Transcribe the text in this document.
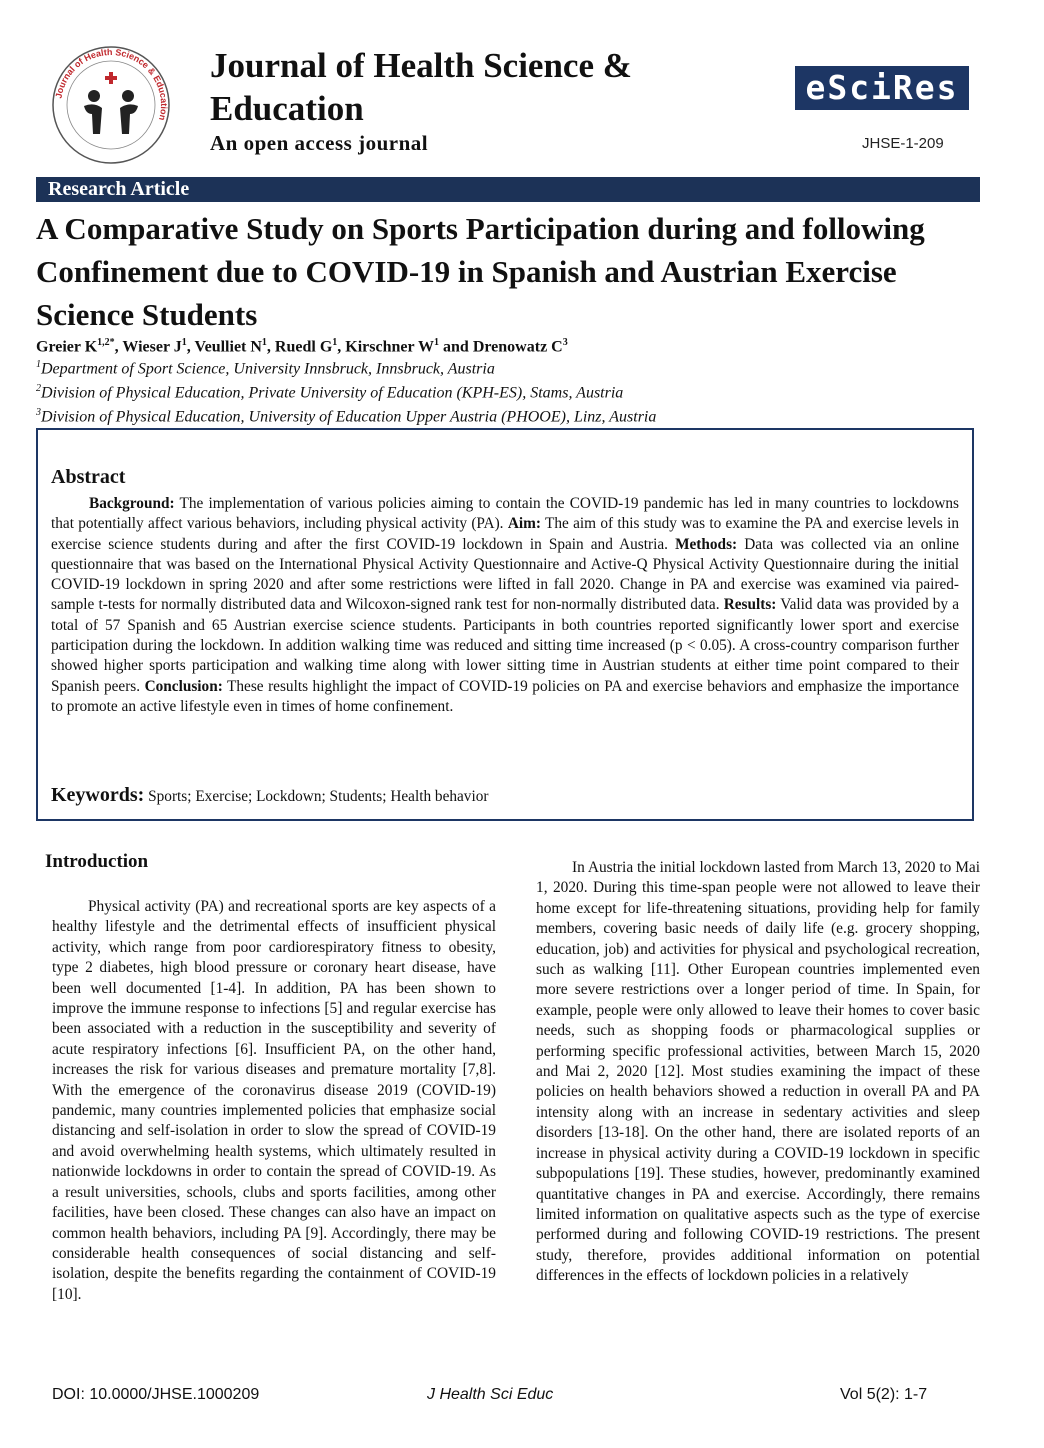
Journal of Health Science & Education
Journal of Health Science & Education
An open access journal
eSciRes
JHSE-1-209
Research Article
A Comparative Study on Sports Participation during and following Confinement due to COVID-19 in Spanish and Austrian Exercise Science Students
Greier $K^{1,2*}$, Wieser $J^1$, Veulliet $N^1$, Ruedl $G^1$, Kirschner $W^1$ and Drenowatz $C^3$
$^1$Department of Sport Science, University Innsbruck, Innsbruck, Austria
$^2$Division of Physical Education, Private University of Education (KPH-ES), Stams, Austria
$^3$Division of Physical Education, University of Education Upper Austria (PHOOE), Linz, Austria
Abstract

Background: The implementation of various policies aiming to contain the COVID-19 pandemic has led in many countries to lockdowns that potentially affect various behaviors, including physical activity (PA). Aim: The aim of this study was to examine the PA and exercise levels in exercise science students during and after the first COVID-19 lockdown in Spain and Austria. Methods: Data was collected via an online questionnaire that was based on the International Physical Activity Questionnaire and Active-Q Physical Activity Questionnaire during the initial COVID-19 lockdown in spring 2020 and after some restrictions were lifted in fall 2020. Change in PA and exercise was examined via paired-sample t-tests for normally distributed data and Wilcoxon-signed rank test for non-normally distributed data. Results: Valid data was provided by a total of 57 Spanish and 65 Austrian exercise science students. Participants in both countries reported significantly lower sport and exercise participation during the lockdown. In addition walking time was reduced and sitting time increased (p < 0.05). A cross-country comparison further showed higher sports participation and walking time along with lower sitting time in Austrian students at either time point compared to their Spanish peers. Conclusion: These results highlight the impact of COVID-19 policies on PA and exercise behaviors and emphasize the importance to promote an active lifestyle even in times of home confinement.

Keywords: Sports; Exercise; Lockdown; Students; Health behavior
Introduction

Physical activity (PA) and recreational sports are key aspects of a healthy lifestyle and the detrimental effects of insufficient physical activity, which range from poor cardiorespiratory fitness to obesity, type 2 diabetes, high blood pressure or coronary heart disease, have been well documented [1-4]. In addition, PA has been shown to improve the immune response to infections [5] and regular exercise has been associated with a reduction in the susceptibility and severity of acute respiratory infections [6]. Insufficient PA, on the other hand, increases the risk for various diseases and premature mortality [7,8]. With the emergence of the coronavirus disease 2019 (COVID-19) pandemic, many countries implemented policies that emphasize social distancing and self-isolation in order to slow the spread of COVID-19 and avoid overwhelming health systems, which ultimately resulted in nationwide lockdowns in order to contain the spread of COVID-19. As a result universities, schools, clubs and sports facilities, among other facilities, have been closed. These changes can also have an impact on common health behaviors, including PA [9]. Accordingly, there may be considerable health consequences of social distancing and self-isolation, despite the benefits regarding the containment of COVID-19 [10].

In Austria the initial lockdown lasted from March 13, 2020 to Mai 1, 2020. During this time-span people were not allowed to leave their home except for life-threatening situations, providing help for family members, covering basic needs of daily life (e.g. grocery shopping, education, job) and activities for physical and psychological recreation, such as walking [11]. Other European countries implemented even more severe restrictions over a longer period of time. In Spain, for example, people were only allowed to leave their homes to cover basic needs, such as shopping foods or pharmacological supplies or performing specific professional activities, between March 15, 2020 and Mai 2, 2020 [12]. Most studies examining the impact of these policies on health behaviors showed a reduction in overall PA and PA intensity along with an increase in sedentary activities and sleep disorders [13-18]. On the other hand, there are isolated reports of an increase in physical activity during a COVID-19 lockdown in specific subpopulations [19]. These studies, however, predominantly examined quantitative changes in PA and exercise. Accordingly, there remains limited information on qualitative aspects such as the type of exercise performed during and following COVID-19 restrictions. The present study, therefore, provides additional information on potential differences in the effects of lockdown policies in a relatively

DOI: 10.0000/JHSE.1000209	J Health Sci Educ	Vol 5(2): 1-7
